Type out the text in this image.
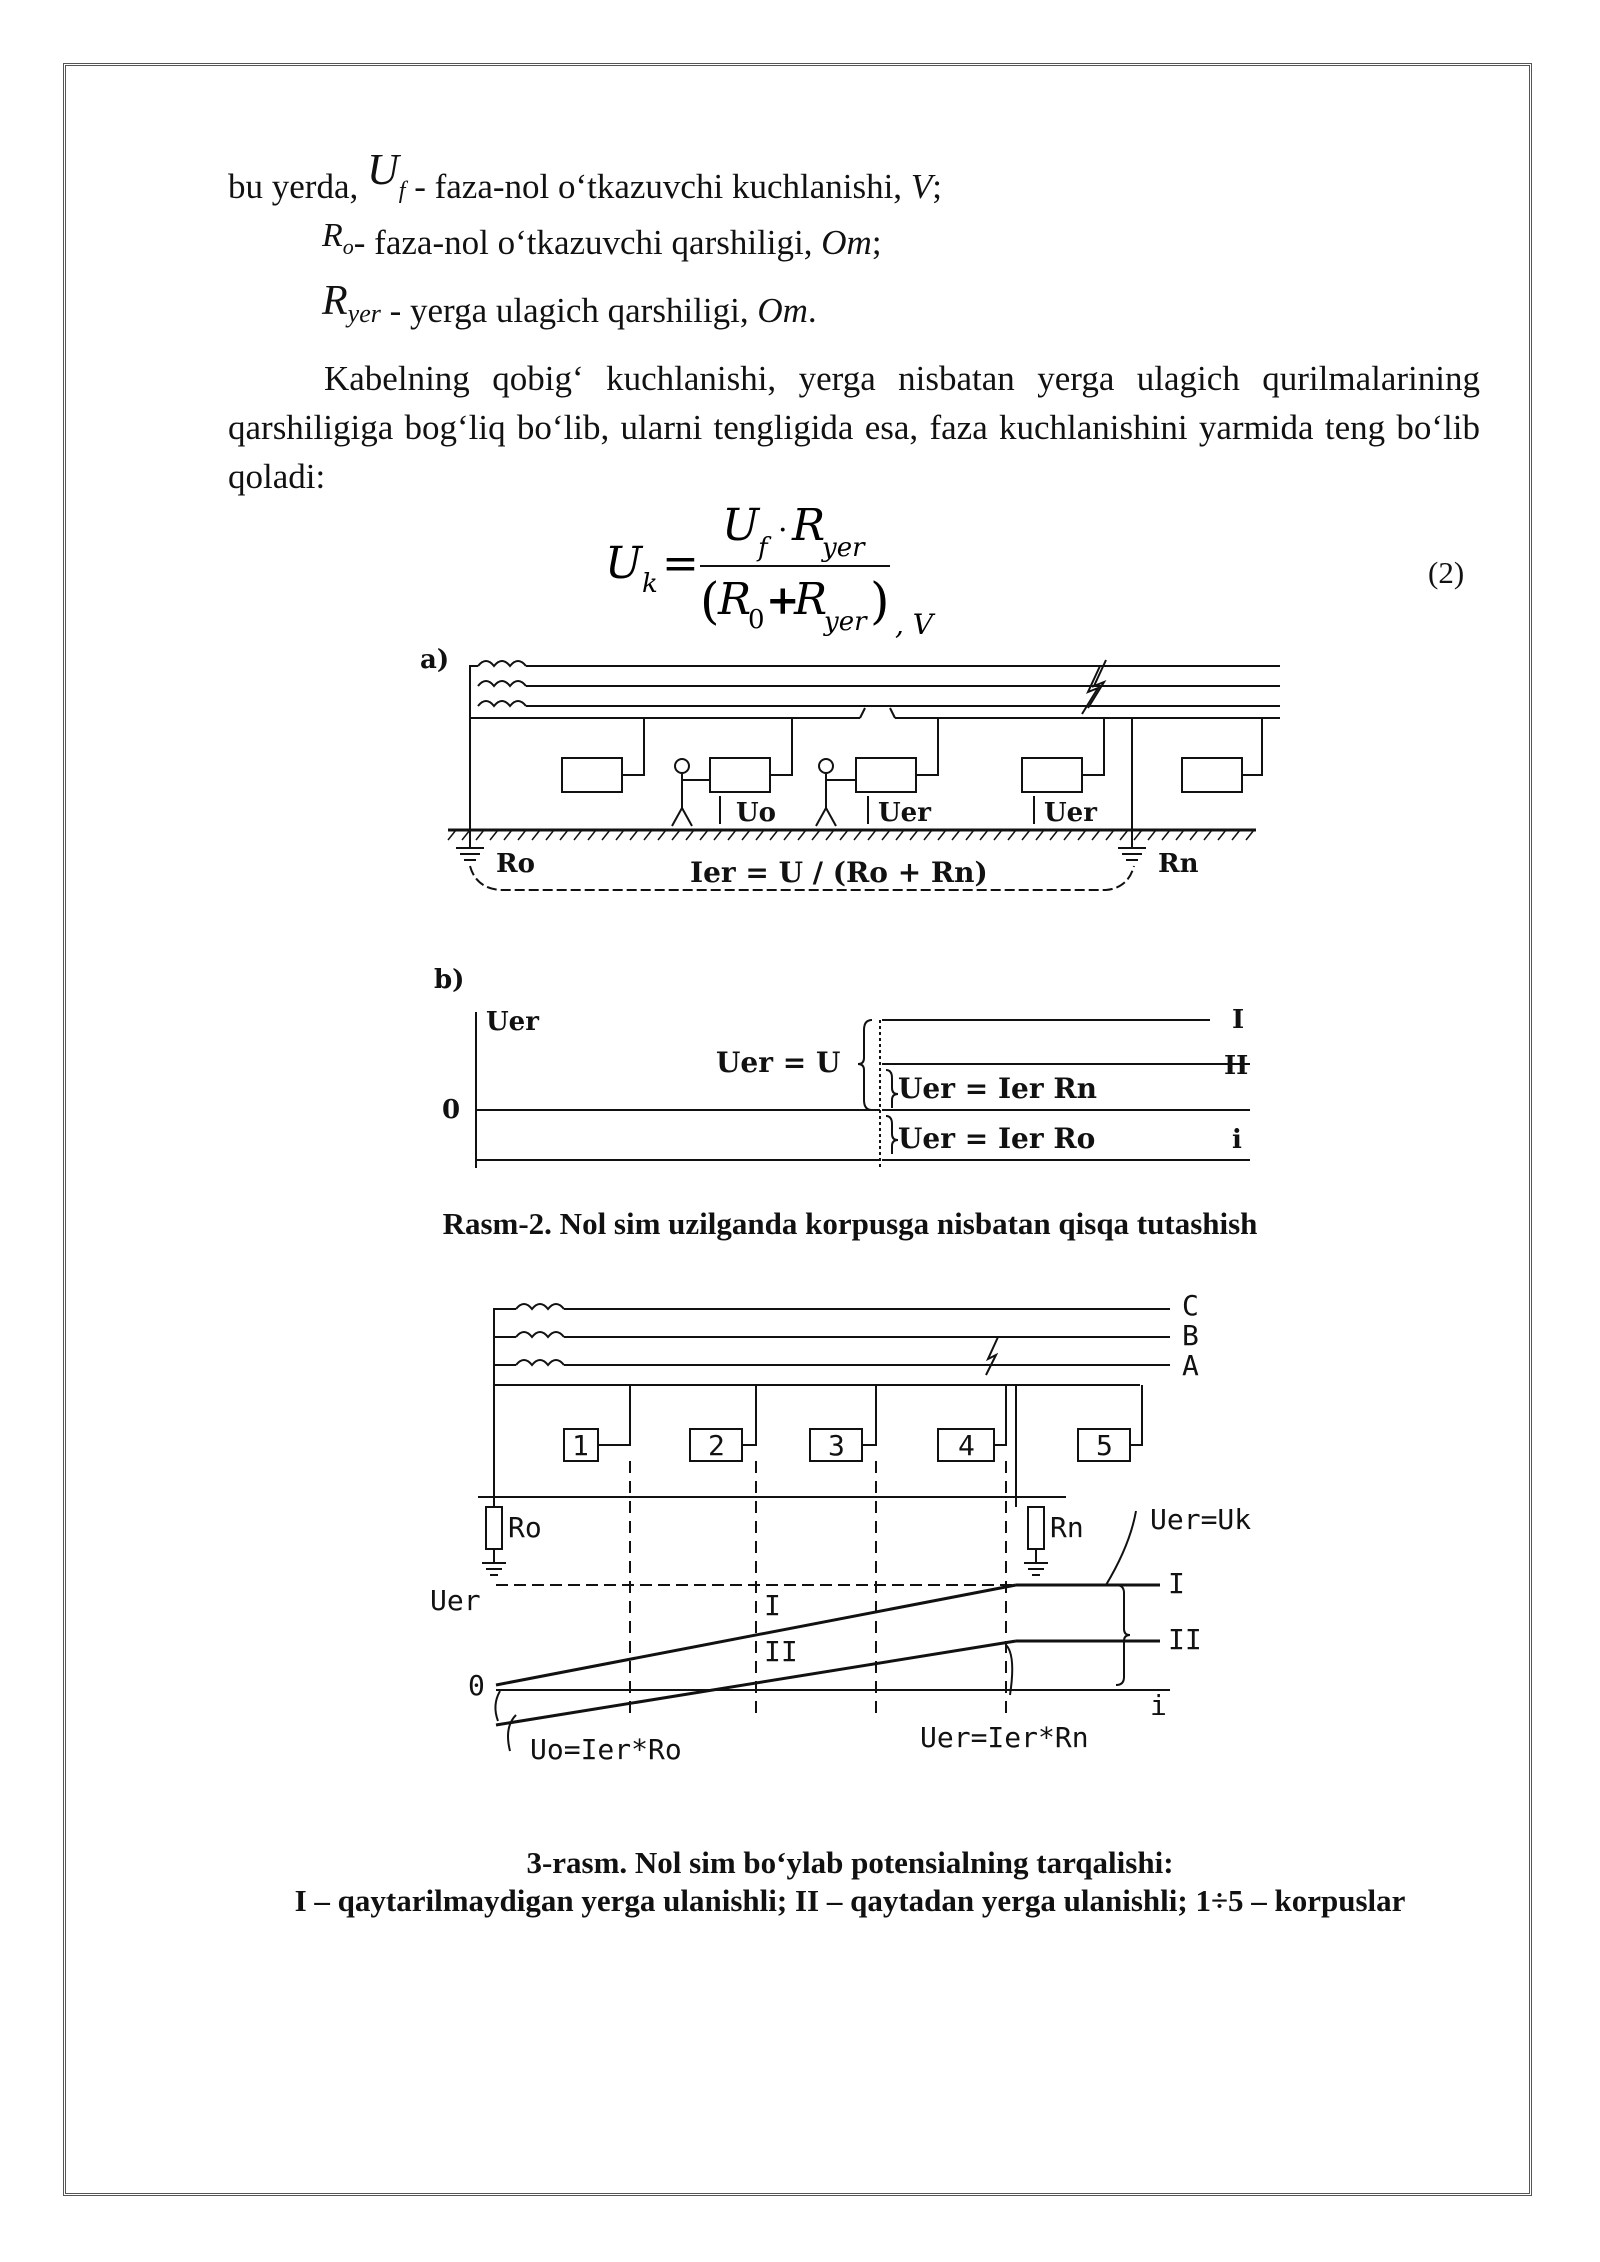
bu yerda, Uf - faza-nol o‘tkazuvchi kuchlanishi, V;
Ro- faza-nol o‘tkazuvchi qarshiligi, Om;
Ryer - yerga ulagich qarshiligi, Om.
Kabelning qobig‘ kuchlanishi, yerga nisbatan yerga ulagich qurilmalarining qarshiligiga bog‘liq bo‘lib, ularni tengligida esa, faza kuchlanishini yarmida teng bo‘lib qoladi:
U k =
U
f · R
yer
(
R
0 +
R
yer ) , V
(2)
a)
Uo	Uer	Uer
Ro	Rn
Ier = U / (Ro + Rn)
b)
Uer
0
Uer = U
Uer = Ier Rn
Uer = Ier Ro
I
II
i
Rasm-2. Nol sim uzilganda korpusga nisbatan qisqa tutashish
C
B
A
1	2	3	4	5
Ro	Rn
Uer
0
Uer=Uk
I
II
I
II
i
Uo=Ier*Ro	Uer=Ier*Rn
3-rasm. Nol sim bo‘ylab potensialning tarqalishi:
I – qaytarilmaydigan yerga ulanishli; II – qaytadan yerga ulanishli; 1÷5 – korpuslar
